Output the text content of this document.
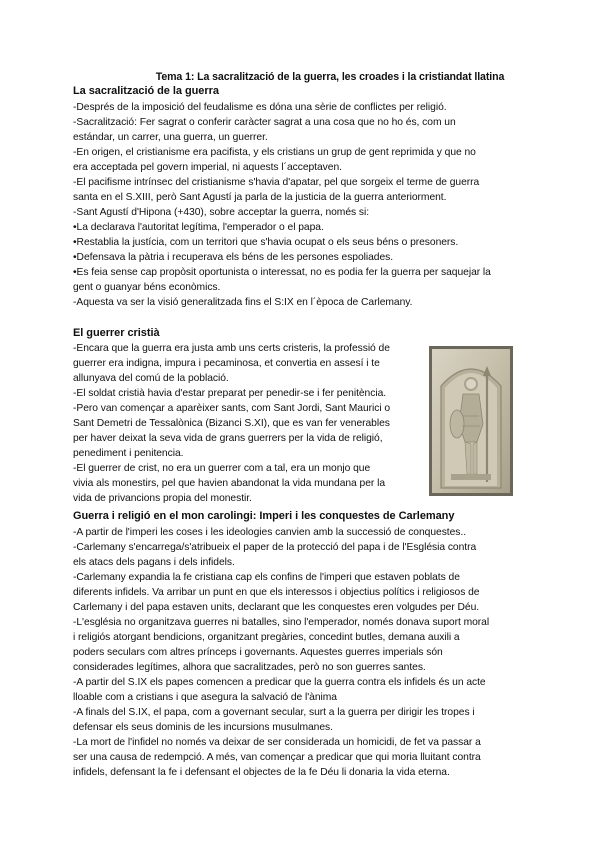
Tema 1: La sacralització de la guerra, les croades i la cristiandat llatina
La sacralització de la guerra
-Després de la imposició del feudalisme es dóna una sèrie de conflictes per religió.
-Sacralització: Fer sagrat o conferir caràcter sagrat a una cosa que no ho és, com un
estándar, un carrer, una guerra, un guerrer.
-En origen, el cristianisme era pacifista, y els cristians un grup de gent reprimida y que no
era acceptada pel govern imperial, ni aquests l´acceptaven.
-El pacifisme intrínsec del cristianisme s'havia d'apatar, pel que sorgeix el terme de guerra
santa en el S.XIII, però Sant Agustí ja parla de la justicia de la guerra anteriorment.
-Sant Agustí d'Hipona (+430), sobre acceptar la guerra, només si:
•La declarava l'autoritat legítima, l'emperador o el papa.
•Restablia la justícia, com un territori que s'havia ocupat o els seus béns o presoners.
•Defensava la pàtria i recuperava els béns de les persones espoliades.
•Es feia sense cap propòsit oportunista o interessat, no es podia fer la guerra per saquejar la
gent o guanyar béns econòmics.
-Aquesta va ser la visió generalitzada fins el S:IX en l´època de Carlemany.
El guerrer cristià
-Encara que la guerra era justa amb uns certs cristeris, la professió de
guerrer era indigna, impura i pecaminosa, et convertia en assesí i te
allunyava del comú de la població.
-El soldat cristià havia d'estar preparat per penedir-se i fer penitència.
-Pero van començar a aparèixer sants, com Sant Jordi, Sant Maurici o
Sant Demetri de Tessalònica (Bizanci S.XI), que es van fer venerables
per haver deixat la seva vida de grans guerrers per la vida de religió,
penediment i penitencia.
-El guerrer de crist, no era un guerrer com a tal, era un monjo que
vivia als monestirs, pel que havien abandonat la vida mundana per la
vida de privancions propia del monestir.
Guerra i religió en el mon carolingi: Imperi i les conquestes de Carlemany
-A partir de l'imperi les coses i les ideologies canvien amb la successió de conquestes..
-Carlemany s'encarrega/s'atribueix el paper de la protecció del papa i de l'Església contra
els atacs dels pagans i dels infidels.
-Carlemany expandia la fe cristiana cap els confins de l'imperi que estaven poblats de
diferents infidels. Va arribar un punt en que els interessos i objectius polítics i religiosos de
Carlemany i del papa estaven units, declarant que les conquestes eren volgudes per Déu.
-L'església no organitzava guerres ni batalles, sino l'emperador, només donava suport moral
i religiós atorgant bendicions, organitzant pregàries, concedint butles, demana auxili a
poders seculars com altres prínceps i governants. Aquestes guerres imperials són
considerades legítimes, alhora que sacralitzades, però no son guerres santes.
-A partir del S.IX els papes comencen a predicar que la guerra contra els infidels és un acte
lloable com a cristians i que asegura la salvació de l'ànima
-A finals del S.IX, el papa, com a governant secular, surt a la guerra per dirigir les tropes i
defensar els seus dominis de les incursions musulmanes.
-La mort de l'infidel no només va deixar de ser considerada un homicidi, de fet va passar a
ser una causa de redempció. A més, van començar a predicar que qui moria lluitant contra
infidels, defensant la fe i defensant el objectes de la fe Déu li donaria la vida eterna.
